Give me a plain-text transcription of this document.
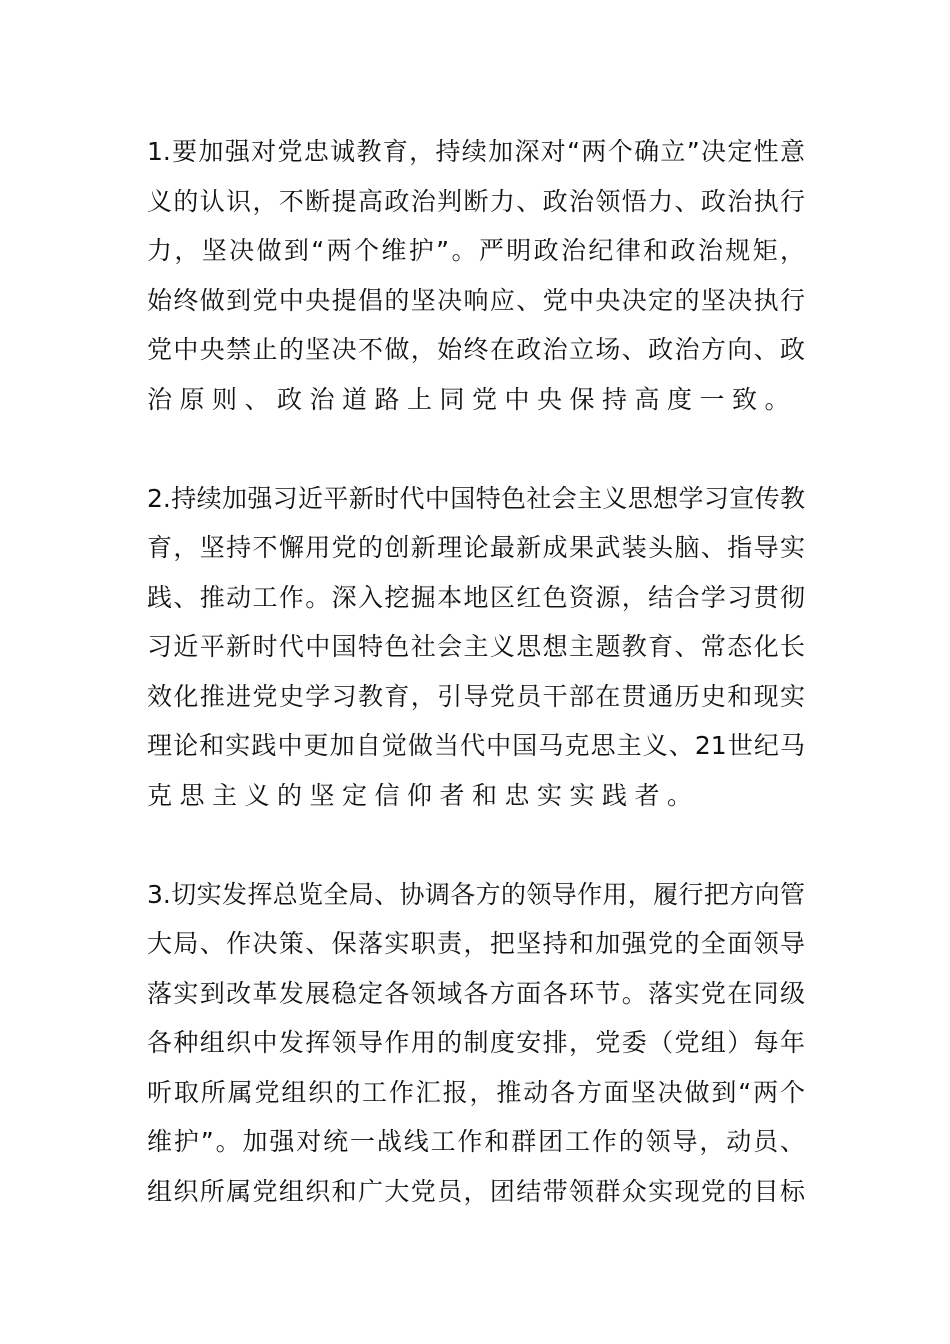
1.要加强对党忠诚教育，持续加深对“两个确立”决定性意
义的认识，不断提高政治判断力、政治领悟力、政治执行
力，坚决做到“两个维护”。严明政治纪律和政治规矩，
始终做到党中央提倡的坚决响应、党中央决定的坚决执行
党中央禁止的坚决不做，始终在政治立场、政治方向、政
治原则、政治道路上同党中央保持高度一致。
2.持续加强习近平新时代中国特色社会主义思想学习宣传教
育，坚持不懈用党的创新理论最新成果武装头脑、指导实
践、推动工作。深入挖掘本地区红色资源，结合学习贯彻
习近平新时代中国特色社会主义思想主题教育、常态化长
效化推进党史学习教育，引导党员干部在贯通历史和现实
理论和实践中更加自觉做当代中国马克思主义、21世纪马
克思主义的坚定信仰者和忠实实践者。
3.切实发挥总览全局、协调各方的领导作用，履行把方向管
大局、作决策、保落实职责，把坚持和加强党的全面领导
落实到改革发展稳定各领域各方面各环节。落实党在同级
各种组织中发挥领导作用的制度安排，党委（党组）每年
听取所属党组织的工作汇报，推动各方面坚决做到“两个
维护”。加强对统一战线工作和群团工作的领导，动员、
组织所属党组织和广大党员，团结带领群众实现党的目标
